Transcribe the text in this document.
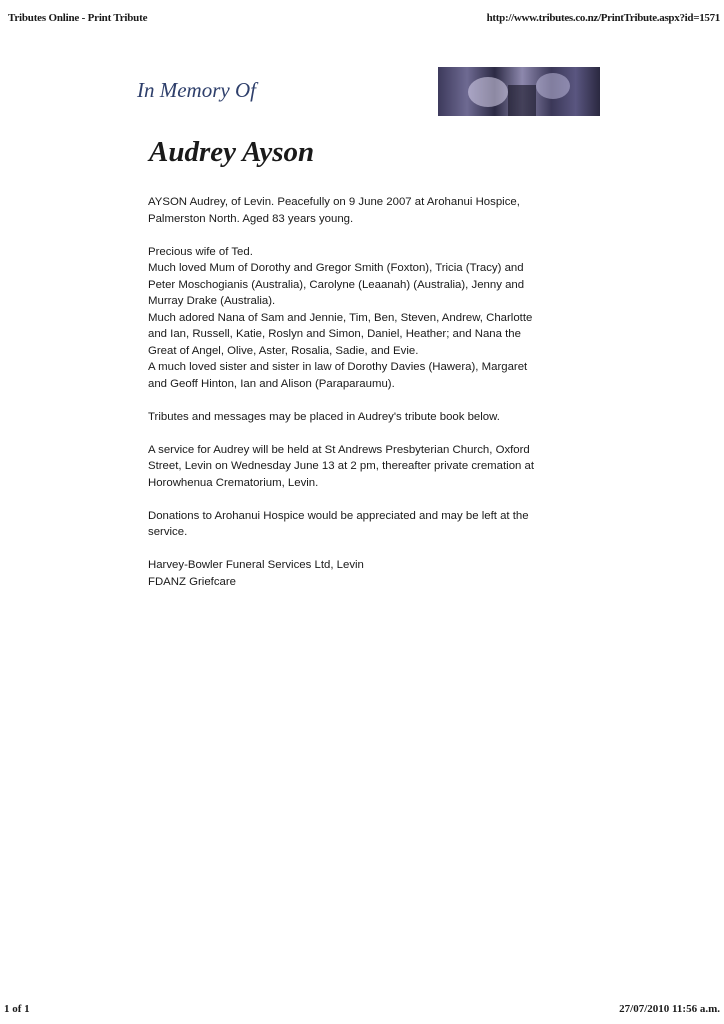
Tributes Online - Print Tribute	http://www.tributes.co.nz/PrintTribute.aspx?id=1571
In Memory Of
Audrey Ayson

AYSON Audrey, of Levin. Peacefully on 9 June 2007 at Arohanui Hospice,
Palmerston North. Aged 83 years young.

Precious wife of Ted.
Much loved Mum of Dorothy and Gregor Smith (Foxton), Tricia (Tracy) and
Peter Moschogianis (Australia), Carolyne (Leaanah) (Australia), Jenny and
Murray Drake (Australia).
Much adored Nana of Sam and Jennie, Tim, Ben, Steven, Andrew, Charlotte
and Ian, Russell, Katie, Roslyn and Simon, Daniel, Heather; and Nana the
Great of Angel, Olive, Aster, Rosalia, Sadie, and Evie.
A much loved sister and sister in law of Dorothy Davies (Hawera), Margaret
and Geoff Hinton, Ian and Alison (Paraparaumu).

Tributes and messages may be placed in Audrey's tribute book below.

A service for Audrey will be held at St Andrews Presbyterian Church, Oxford
Street, Levin on Wednesday June 13 at 2 pm, thereafter private cremation at
Horowhenua Crematorium, Levin.

Donations to Arohanui Hospice would be appreciated and may be left at the
service.

Harvey-Bowler Funeral Services Ltd, Levin
FDANZ Griefcare

1 of 1	27/07/2010 11:56 a.m.
